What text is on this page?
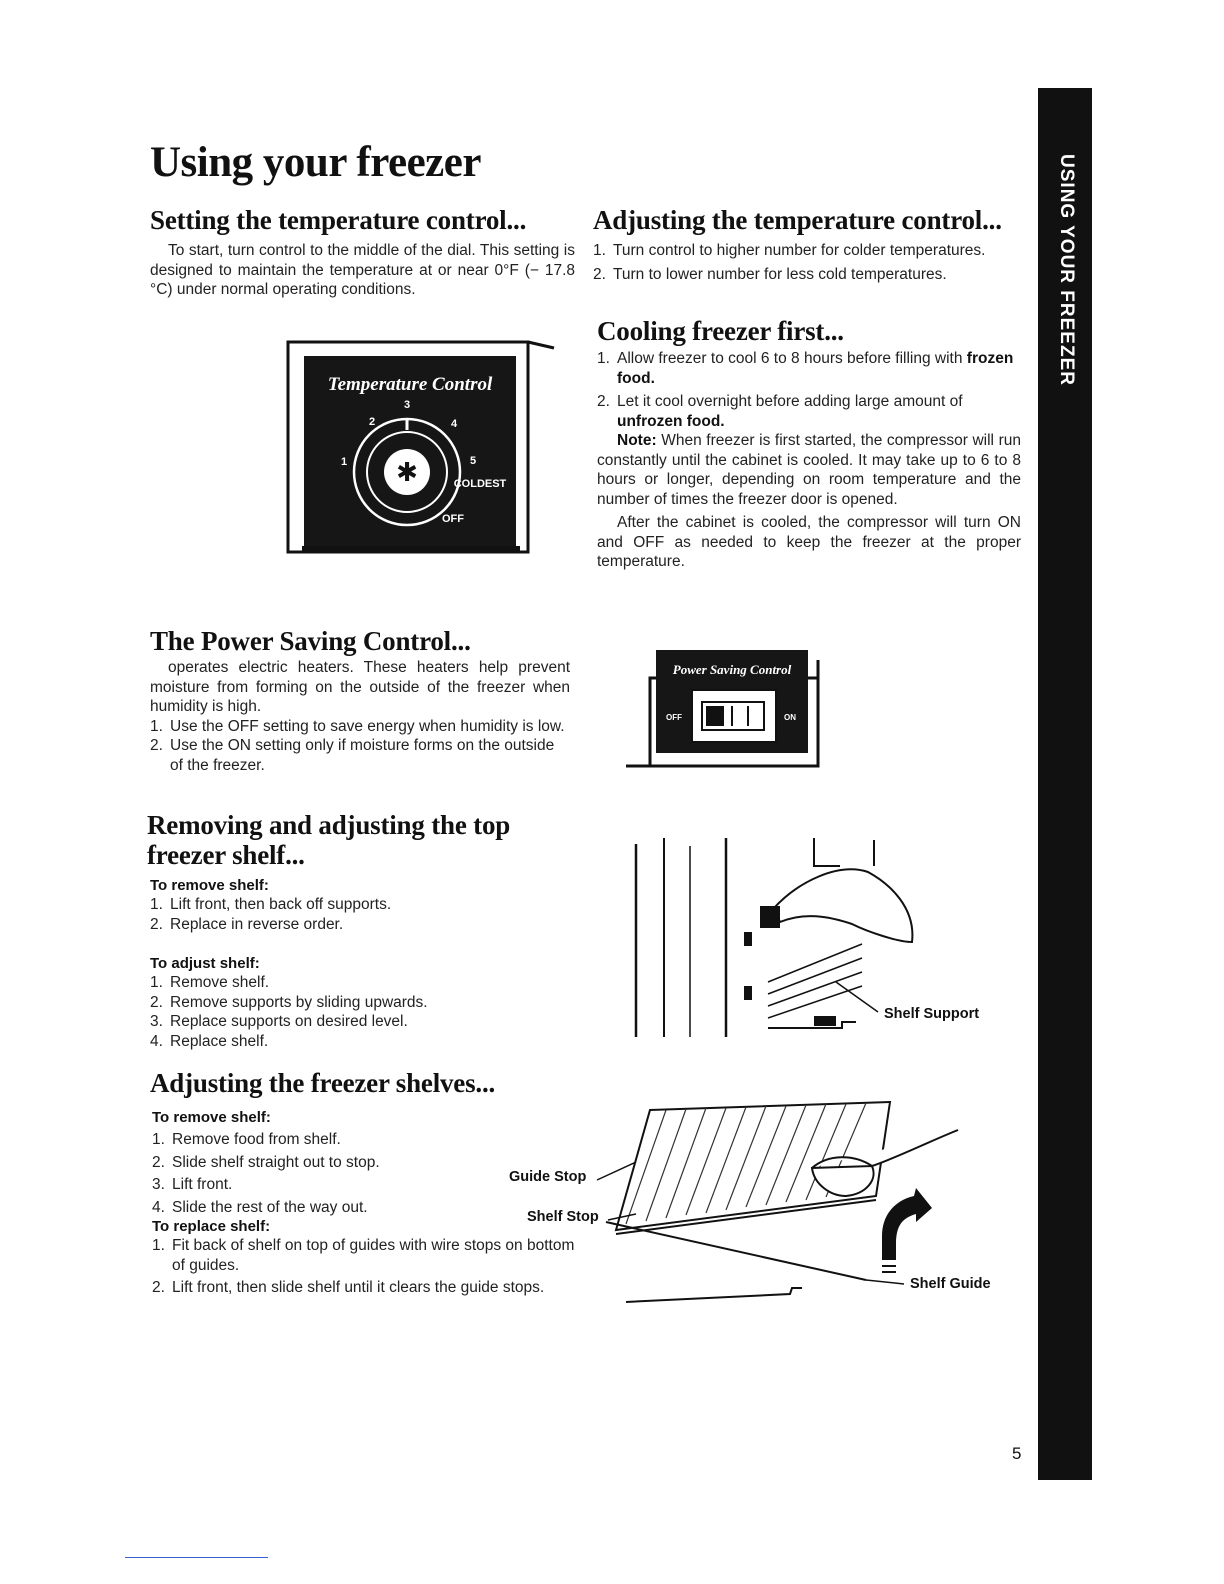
Using your freezer	USING YOUR FREEZER
Setting the temperature control...

To start, turn control to the middle of the dial. This setting is designed to maintain the temperature at or near 0°F (− 17.8 °C) under normal operating conditions.

Temperature Control
✱
3
2	4
1	5
COLDEST
OFF
Adjusting the temperature control...
1. Turn control to higher number for colder temperatures.
2. Turn to lower number for less cold temperatures.
Cooling freezer first...
1. Allow freezer to cool 6 to 8 hours before filling with frozen food.
2. Let it cool overnight before adding large amount of unfrozen food.

Note: When freezer is first started, the compressor will run constantly until the cabinet is cooled. It may take up to 6 to 8 hours or longer, depending on room temperature and the number of times the freezer door is opened.

After the cabinet is cooled, the compressor will turn ON and OFF as needed to keep the freezer at the proper temperature.

The Power Saving Control...

operates electric heaters. These heaters help prevent moisture from forming on the outside of the freezer when humidity is high.

1. Use the OFF setting to save energy when humidity is low.
2. Use the ON setting only if moisture forms on the outside of the freezer.
Power Saving Control
OFF	ON
Removing and adjusting the top
freezer shelf...

To remove shelf:

1. Lift front, then back off supports.
2. Replace in reverse order.

To adjust shelf:

1. Remove shelf.
2. Remove supports by sliding upwards.
3. Replace supports on desired level.
4. Replace shelf.
Shelf Support
Adjusting the freezer shelves...

To remove shelf:

1. Remove food from shelf.
2. Slide shelf straight out to stop.
3. Lift front.
4. Slide the rest of the way out.

To replace shelf:

1. Fit back of shelf on top of guides with wire stops on bottom of guides.
2. Lift front, then slide shelf until it clears the guide stops.
Guide Stop
Shelf Stop
Shelf Guide
5
